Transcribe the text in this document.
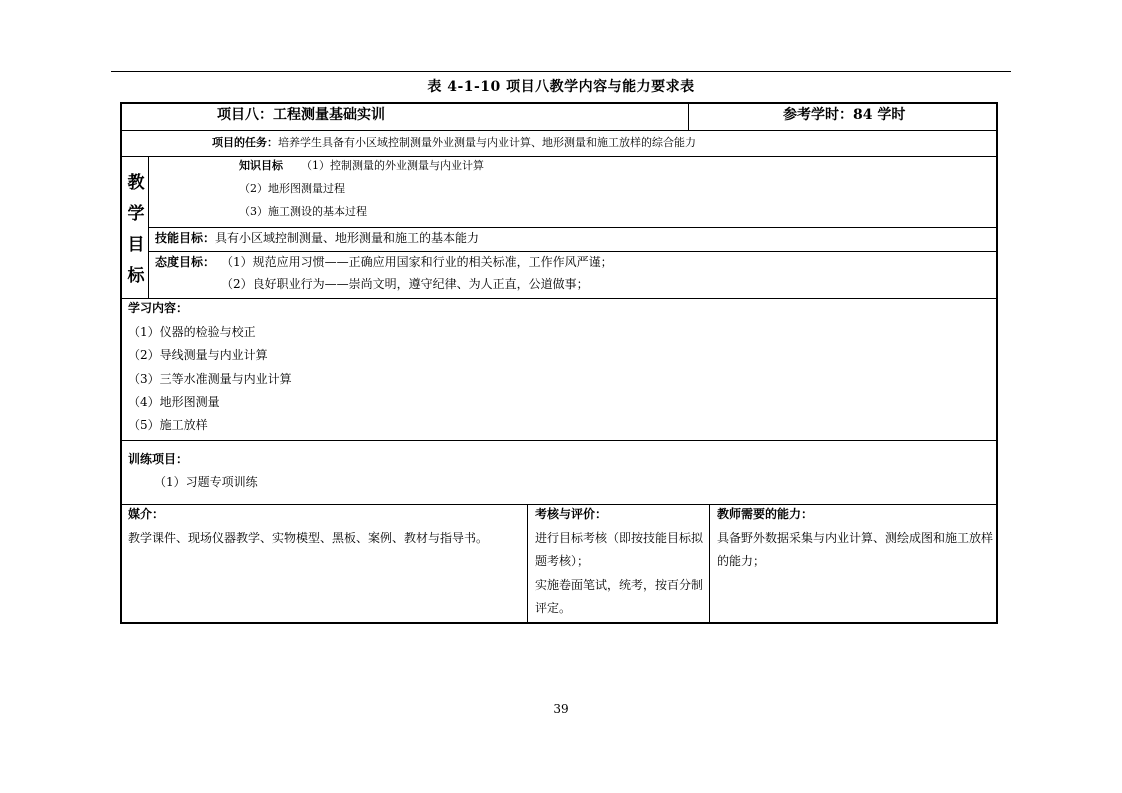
表 4-1-10 项目八教学内容与能力要求表
项目八：工程测量基础实训	参考学时：84 学时
项目的任务：培养学生具备有小区域控制测量外业测量与内业计算、地形测量和施工放样的综合能力
教
学
目
标
知识目标 （1）控制测量的外业测量与内业计算
（2）地形图测量过程
（3）施工测设的基本过程
技能目标：具有小区域控制测量、地形测量和施工的基本能力
态度目标： （1）规范应用习惯——正确应用国家和行业的相关标准，工作作风严谨；
（2）良好职业行为——崇尚文明，遵守纪律、为人正直，公道做事；
学习内容：
（1）仪器的检验与校正
（2）导线测量与内业计算
（3）三等水准测量与内业计算
（4）地形图测量
（5）施工放样
训练项目：
（1）习题专项训练
媒介：
教学课件、现场仪器教学、实物模型、黑板、案例、教材与指导书。
考核与评价：
进行目标考核（即按技能目标拟
题考核）；
实施卷面笔试，统考，按百分制
评定。
教师需要的能力：
具备野外数据采集与内业计算、测绘成图和施工放样
的能力；
39
